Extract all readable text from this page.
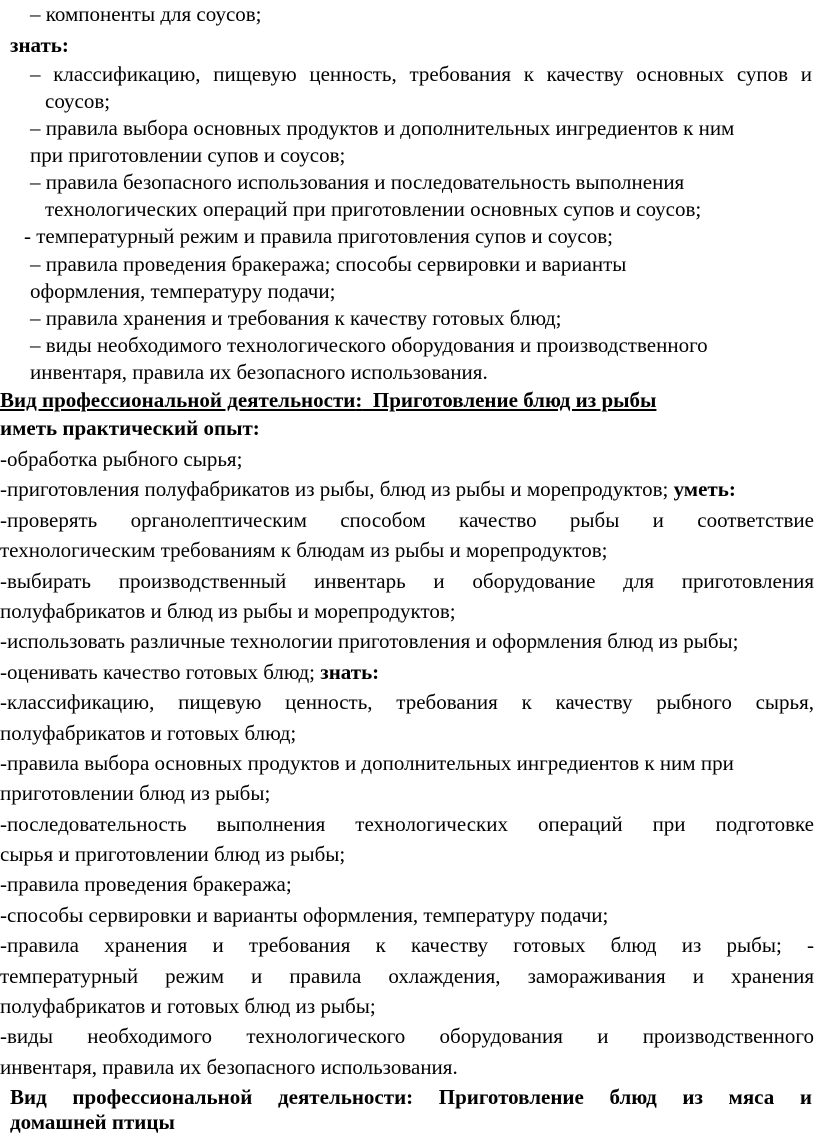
– компоненты для соусов;
знать:
– классификацию, пищевую ценность, требования к качеству основных супов и
соусов;
– правила выбора основных продуктов и дополнительных ингредиентов к ним
при приготовлении супов и соусов;
– правила безопасного использования и последовательность выполнения
технологических операций при приготовлении основных супов и соусов;
- температурный режим и правила приготовления супов и соусов;
– правила проведения бракеража; способы сервировки и варианты
оформления, температуру подачи;
– правила хранения и требования к качеству готовых блюд;
– виды необходимого технологического оборудования и производственного
инвентаря, правила их безопасного использования.
Вид профессиональной деятельности:  Приготовление блюд из рыбы
иметь практический опыт:
-обработка рыбного сырья;
-приготовления полуфабрикатов из рыбы, блюд из рыбы и морепродуктов; уметь:
-проверять органолептическим способом качество рыбы и соответствие
технологическим требованиям к блюдам из рыбы и морепродуктов;
-выбирать производственный инвентарь и оборудование для приготовления
полуфабрикатов и блюд из рыбы и морепродуктов;
-использовать различные технологии приготовления и оформления блюд из рыбы;
-оценивать качество готовых блюд; знать:
-классификацию, пищевую ценность, требования к качеству рыбного сырья,
полуфабрикатов и готовых блюд;
-правила выбора основных продуктов и дополнительных ингредиентов к ним при
приготовлении блюд из рыбы;
-последовательность выполнения технологических операций при подготовке
сырья и приготовлении блюд из рыбы;
-правила проведения бракеража;
-способы сервировки и варианты оформления, температуру подачи;
-правила хранения и требования к качеству готовых блюд из рыбы; -
температурный режим и правила охлаждения, замораживания и хранения
полуфабрикатов и готовых блюд из рыбы;
-виды необходимого технологического оборудования и производственного
инвентаря, правила их безопасного использования.
Вид профессиональной деятельности: Приготовление блюд из мяса и
домашней птицы
